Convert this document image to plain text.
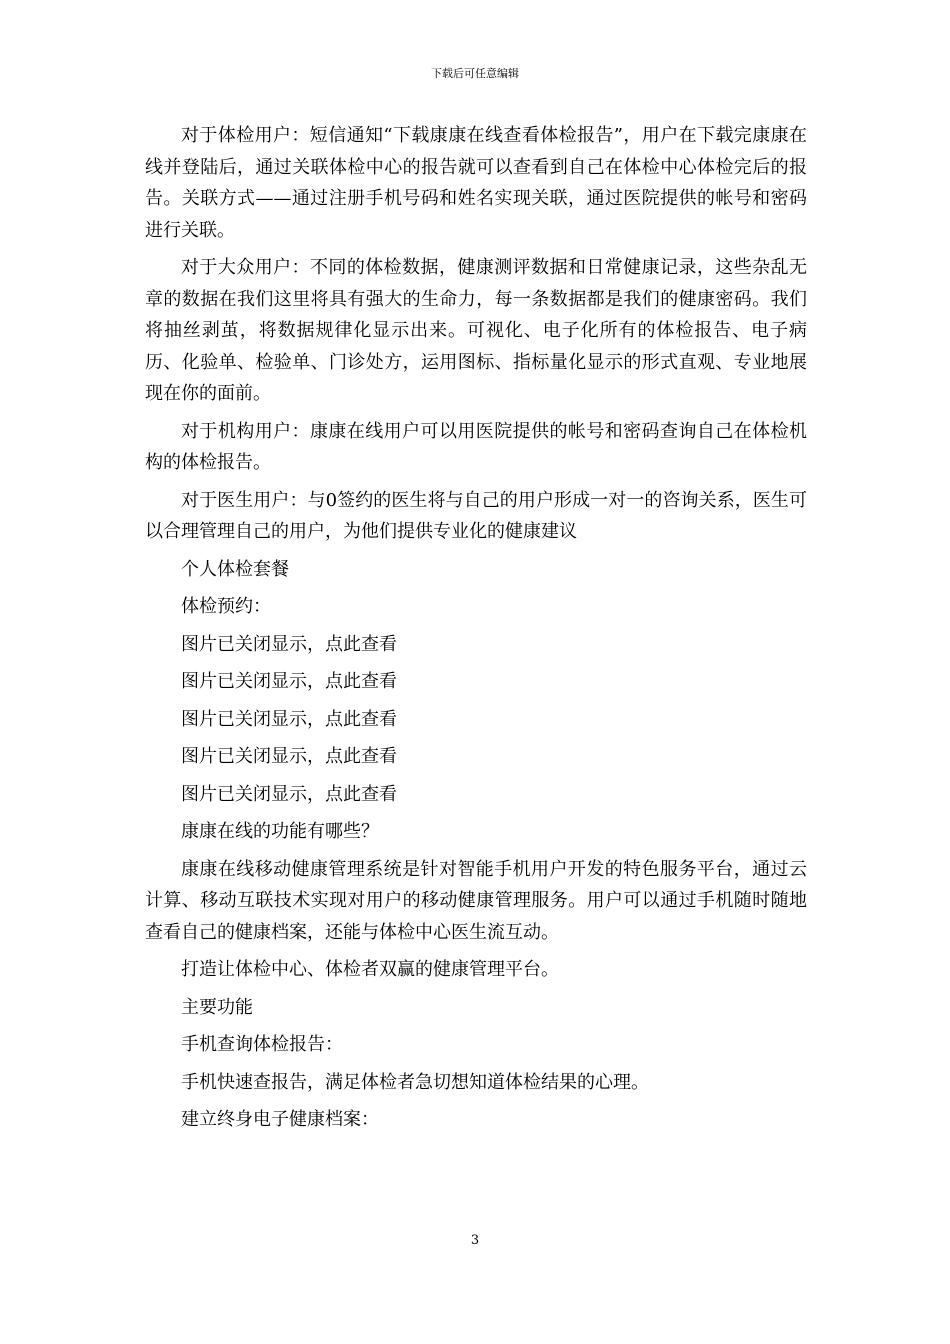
下载后可任意编辑

对于体检用户：短信通知“下载康康在线查看体检报告”，用户在下载完康康在线并登陆后，通过关联体检中心的报告就可以查看到自己在体检中心体检完后的报告。关联方式——通过注册手机号码和姓名实现关联，通过医院提供的帐号和密码进行关联。

对于大众用户：不同的体检数据，健康测评数据和日常健康记录，这些杂乱无章的数据在我们这里将具有强大的生命力，每一条数据都是我们的健康密码。我们将抽丝剥茧，将数据规律化显示出来。可视化、电子化所有的体检报告、电子病历、化验单、检验单、门诊处方，运用图标、指标量化显示的形式直观、专业地展现在你的面前。

对于机构用户：康康在线用户可以用医院提供的帐号和密码查询自己在体检机构的体检报告。

对于医生用户：与0签约的医生将与自己的用户形成一对一的咨询关系，医生可以合理管理自己的用户，为他们提供专业化的健康建议

个人体检套餐

体检预约：

图片已关闭显示，点此查看

图片已关闭显示，点此查看

图片已关闭显示，点此查看

图片已关闭显示，点此查看

图片已关闭显示，点此查看

康康在线的功能有哪些？

康康在线移动健康管理系统是针对智能手机用户开发的特色服务平台，通过云计算、移动互联技术实现对用户的移动健康管理服务。用户可以通过手机随时随地查看自己的健康档案，还能与体检中心医生流互动。

打造让体检中心、体检者双赢的健康管理平台。

主要功能

手机查询体检报告：

手机快速查报告，满足体检者急切想知道体检结果的心理。

建立终身电子健康档案：

3
